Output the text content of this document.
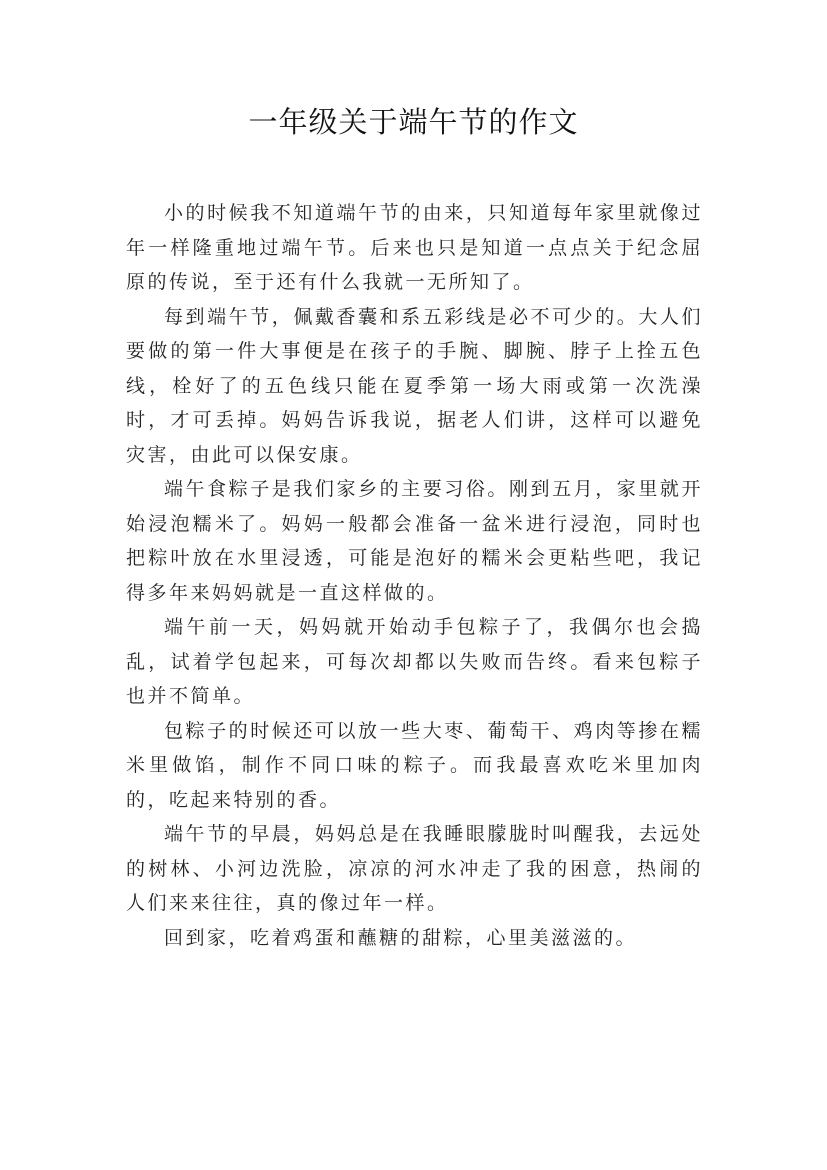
一年级关于端午节的作文

小的时候我不知道端午节的由来，只知道每年家里就像过年一样隆重地过端午节。后来也只是知道一点点关于纪念屈原的传说，至于还有什么我就一无所知了。

每到端午节，佩戴香囊和系五彩线是必不可少的。大人们要做的第一件大事便是在孩子的手腕、脚腕、脖子上拴五色线，栓好了的五色线只能在夏季第一场大雨或第一次洗澡时，才可丢掉。妈妈告诉我说，据老人们讲，这样可以避免灾害，由此可以保安康。

端午食粽子是我们家乡的主要习俗。刚到五月，家里就开始浸泡糯米了。妈妈一般都会准备一盆米进行浸泡，同时也把粽叶放在水里浸透，可能是泡好的糯米会更粘些吧，我记得多年来妈妈就是一直这样做的。

端午前一天，妈妈就开始动手包粽子了，我偶尔也会捣乱，试着学包起来，可每次却都以失败而告终。看来包粽子也并不简单。

包粽子的时候还可以放一些大枣、葡萄干、鸡肉等掺在糯米里做馅，制作不同口味的粽子。而我最喜欢吃米里加肉的，吃起来特别的香。

端午节的早晨，妈妈总是在我睡眼朦胧时叫醒我，去远处的树林、小河边洗脸，凉凉的河水冲走了我的困意，热闹的人们来来往往，真的像过年一样。

回到家，吃着鸡蛋和蘸糖的甜粽，心里美滋滋的。
